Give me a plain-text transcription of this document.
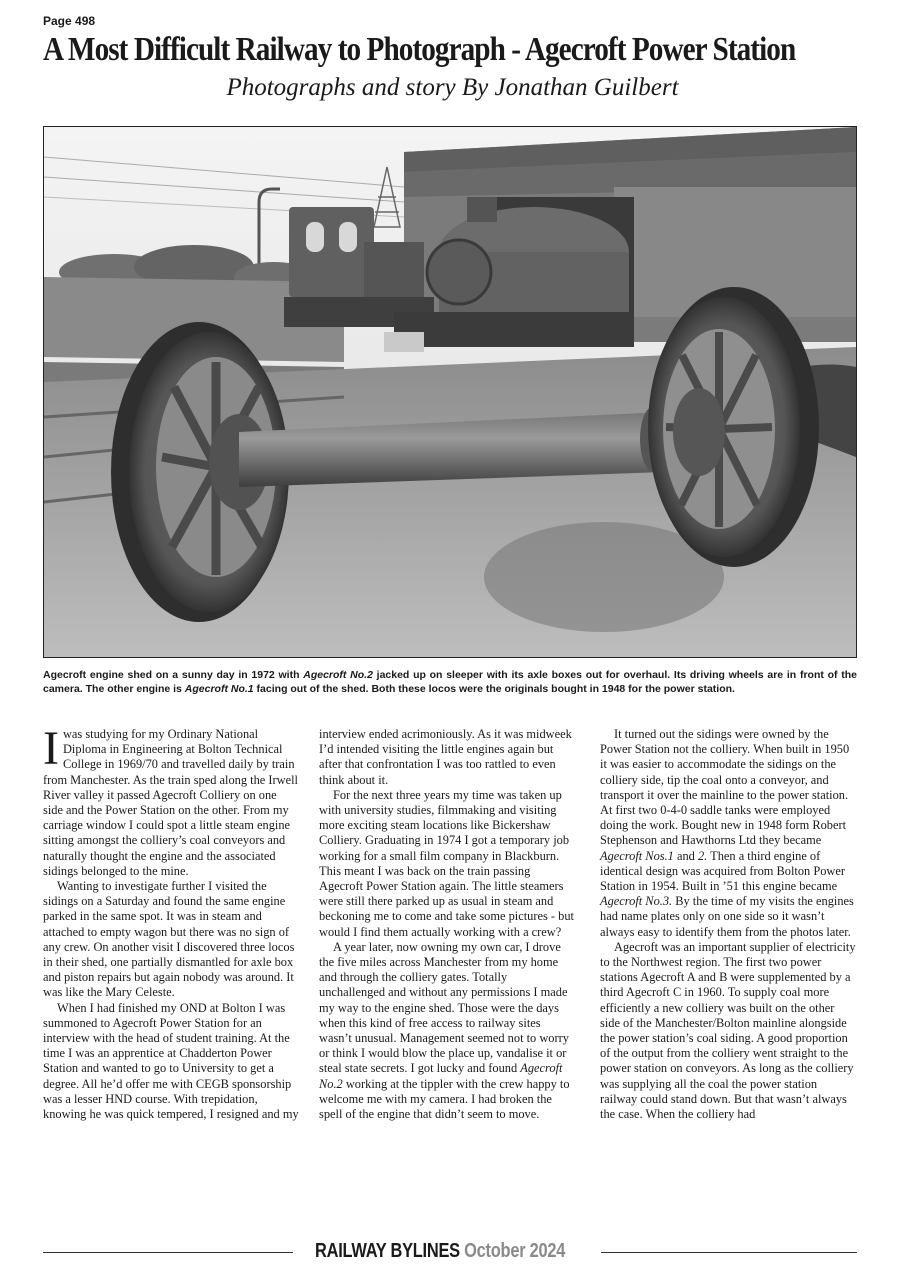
Page 498
A Most Difficult Railway to Photograph - Agecroft Power Station
Photographs and story By Jonathan Guilbert
Agecroft engine shed on a sunny day in 1972 with Agecroft No.2 jacked up on sleeper with its axle boxes out for overhaul. Its driving wheels are in front of the camera. The other engine is Agecroft No.1 facing out of the shed. Both these locos were the originals bought in 1948 for the power station.

I was studying for my Ordinary National Diploma in Engineering at Bolton Technical College in 1969/70 and travelled daily by train from Manchester. As the train sped along the Irwell River valley it passed Agecroft Colliery on one side and the Power Station on the other. From my carriage window I could spot a little steam engine sitting amongst the colliery’s coal conveyors and naturally thought the engine and the associated sidings belonged to the mine.

Wanting to investigate further I visited the sidings on a Saturday and found the same engine parked in the same spot. It was in steam and attached to empty wagon but there was no sign of any crew. On another visit I discovered three locos in their shed, one partially dismantled for axle box and piston repairs but again nobody was around. It was like the Mary Celeste.

When I had finished my OND at Bolton I was summoned to Agecroft Power Station for an interview with the head of student training. At the time I was an apprentice at Chadderton Power Station and wanted to go to University to get a degree. All he’d offer me with CEGB sponsorship was a lesser HND course. With trepidation, knowing he was quick tempered, I resigned and my

interview ended acrimoniously. As it was midweek I’d intended visiting the little engines again but after that confrontation I was too rattled to even think about it.

For the next three years my time was taken up with university studies, filmmaking and visiting more exciting steam locations like Bickershaw Colliery. Graduating in 1974 I got a temporary job working for a small film company in Blackburn. This meant I was back on the train passing Agecroft Power Station again. The little steamers were still there parked up as usual in steam and beckoning me to come and take some pictures - but would I find them actually working with a crew?

A year later, now owning my own car, I drove the five miles across Manchester from my home and through the colliery gates. Totally unchallenged and without any permissions I made my way to the engine shed. Those were the days when this kind of free access to railway sites wasn’t unusual. Management seemed not to worry or think I would blow the place up, vandalise it or steal state secrets. I got lucky and found Agecroft No.2 working at the tippler with the crew happy to welcome me with my camera. I had broken the spell of the engine that didn’t seem to move.

It turned out the sidings were owned by the Power Station not the colliery. When built in 1950 it was easier to accommodate the sidings on the colliery side, tip the coal onto a conveyor, and transport it over the mainline to the power station. At first two 0-4-0 saddle tanks were employed doing the work. Bought new in 1948 form Robert Stephenson and Hawthorns Ltd they became Agecroft Nos.1 and 2. Then a third engine of identical design was acquired from Bolton Power Station in 1954. Built in ’51 this engine became Agecroft No.3. By the time of my visits the engines had name plates only on one side so it wasn’t always easy to identify them from the photos later.

Agecroft was an important supplier of electricity to the Northwest region. The first two power stations Agecroft A and B were supplemented by a third Agecroft C in 1960. To supply coal more efficiently a new colliery was built on the other side of the Manchester/Bolton mainline alongside the power station’s coal siding. A good proportion of the output from the colliery went straight to the power station on conveyors. As long as the colliery was supplying all the coal the power station railway could stand down. But that wasn’t always the case. When the colliery had

RAILWAY BYLINES October 2024
